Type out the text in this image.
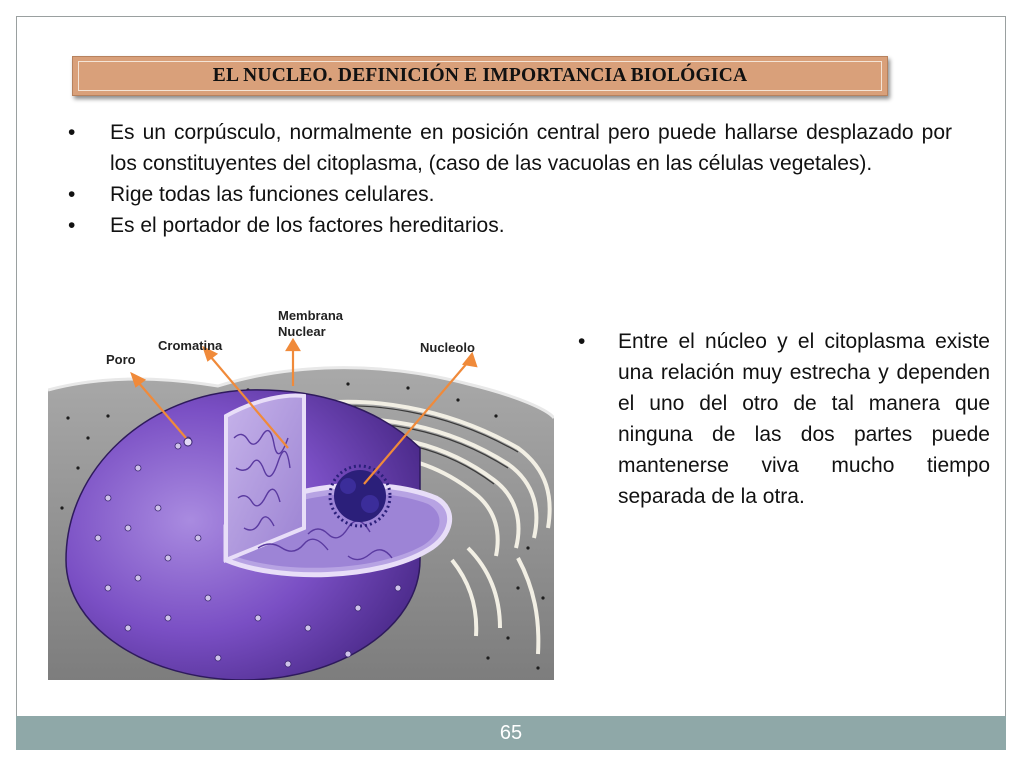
EL NUCLEO. DEFINICIÓN E IMPORTANCIA BIOLÓGICA
• Es un corpúsculo, normalmente en posición central pero puede hallarse desplazado por los constituyentes del citoplasma, (caso de las vacuolas en las células vegetales).
• Rige todas las funciones celulares.
• Es el portador de los factores hereditarios.
Poro
Cromatina
Membrana
Nuclear
Nucleolo
•	Entre el núcleo y el citoplasma existe una relación muy estrecha y dependen el uno del otro de tal manera que ninguna de las dos partes puede mantenerse viva mucho tiempo separada de la otra.
65
